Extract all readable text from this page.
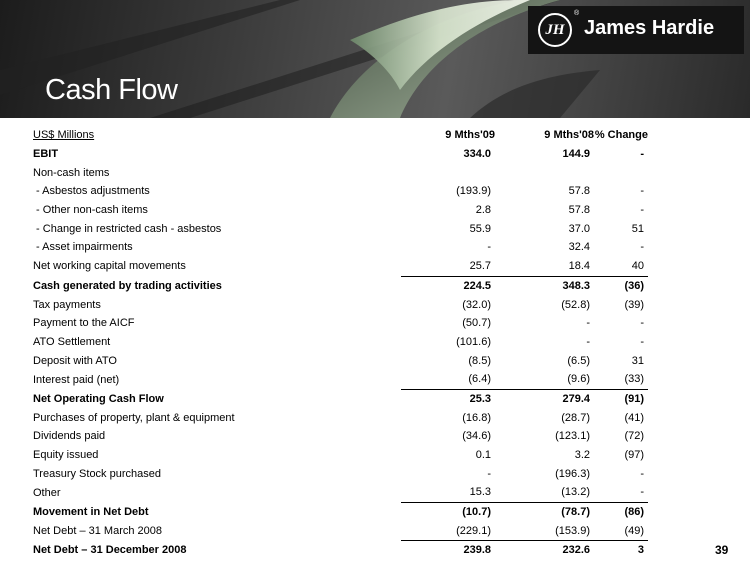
Cash Flow
JH
®
James Hardie
US$ Millions	9 Mths'09	9 Mths'08	% Change	
EBIT	334.0	144.9	-	
Non-cash items				
- Asbestos adjustments	(193.9)	57.8	-	
- Other non-cash items	2.8	57.8	-	
- Change in restricted cash - asbestos	55.9	37.0	51	
- Asset impairments	-	32.4	-	
Net working capital movements	25.7	18.4	40	
Cash generated by trading activities	224.5	348.3	(36)	
Tax payments	(32.0)	(52.8)	(39)	
Payment to the AICF	(50.7)	-	-	
ATO Settlement	(101.6)	-	-	
Deposit with ATO	(8.5)	(6.5)	31	
Interest paid (net)	(6.4)	(9.6)	(33)	
Net Operating Cash Flow	25.3	279.4	(91)	
Purchases of property, plant & equipment	(16.8)	(28.7)	(41)	
Dividends paid	(34.6)	(123.1)	(72)	
Equity issued	0.1	3.2	(97)	
Treasury Stock purchased	-	(196.3)	-	
Other	15.3	(13.2)	-	
Movement in Net Debt	(10.7)	(78.7)	(86)	
Net Debt – 31 March 2008	(229.1)	(153.9)	(49)	
Net Debt – 31 December 2008	239.8	232.6	3		39
